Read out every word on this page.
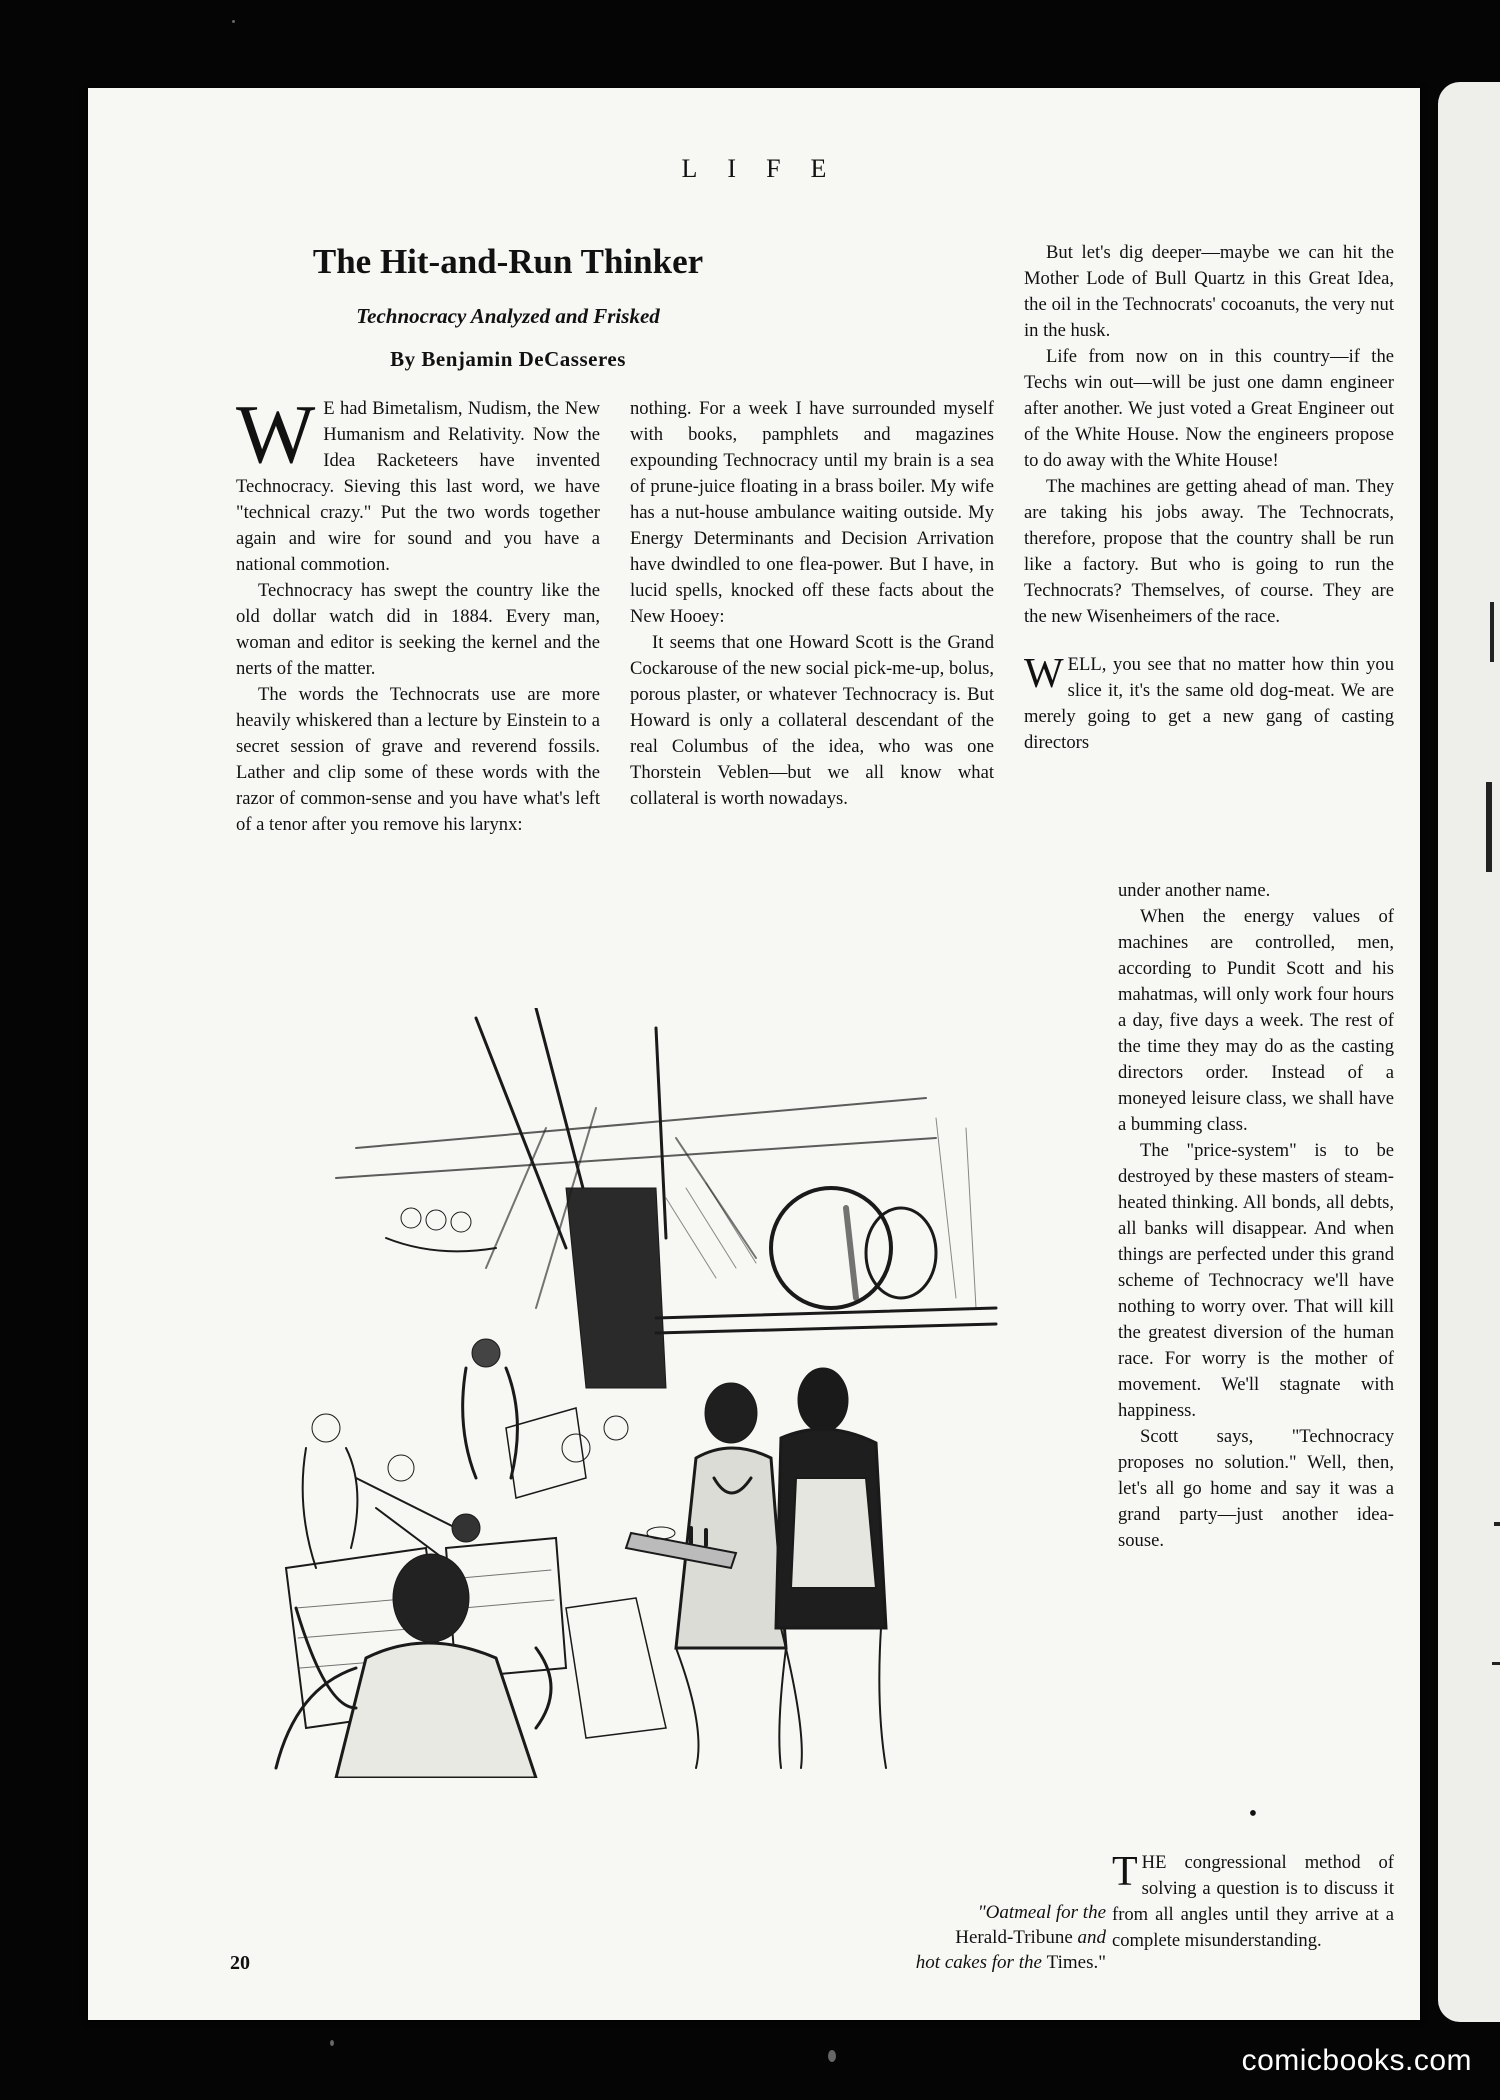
LIFE
The Hit-and-Run Thinker
Technocracy Analyzed and Frisked
By Benjamin DeCasseres

W E had Bimetalism, Nudism, the New Humanism and Relativity. Now the Idea Racketeers have invented Technocracy. Sieving this last word, we have "technical crazy." Put the two words together again and wire for sound and you have a national commotion.

Technocracy has swept the country like the old dollar watch did in 1884. Every man, woman and editor is seeking the kernel and the nerts of the matter.

The words the Technocrats use are more heavily whiskered than a lecture by Einstein to a secret session of grave and reverend fossils. Lather and clip some of these words with the razor of common-sense and you have what's left of a tenor after you remove his larynx:

nothing. For a week I have surrounded myself with books, pamphlets and magazines expounding Technocracy until my brain is a sea of prune-juice floating in a brass boiler. My wife has a nut-house ambulance waiting outside. My Energy Determinants and Decision Arrivation have dwindled to one flea-power. But I have, in lucid spells, knocked off these facts about the New Hooey:

It seems that one Howard Scott is the Grand Cockarouse of the new social pick-me-up, bolus, porous plaster, or whatever Technocracy is. But Howard is only a collateral descendant of the real Columbus of the idea, who was one Thorstein Veblen—but we all know what collateral is worth nowadays.

But let's dig deeper—maybe we can hit the Mother Lode of Bull Quartz in this Great Idea, the oil in the Technocrats' cocoanuts, the very nut in the husk.

Life from now on in this country—if the Techs win out—will be just one damn engineer after another. We just voted a Great Engineer out of the White House. Now the engineers propose to do away with the White House!

The machines are getting ahead of man. They are taking his jobs away. The Technocrats, therefore, propose that the country shall be run like a factory. But who is going to run the Technocrats? Themselves, of course. They are the new Wisenheimers of the race.

WELL, you see that no matter how thin you slice it, it's the same old dog-meat. We are merely going to get a new gang of casting directors

under another name.

When the energy values of machines are controlled, men, according to Pundit Scott and his mahatmas, will only work four hours a day, five days a week. The rest of the time they may do as the casting directors order. Instead of a moneyed leisure class, we shall have a bumming class.

The "price-system" is to be destroyed by these masters of steam-heated thinking. All bonds, all debts, all banks will disappear. And when things are perfected under this grand scheme of Technocracy we'll have nothing to worry over. That will kill the greatest diversion of the human race. For worry is the mother of movement. We'll stagnate with happiness.

Scott says, "Technocracy proposes no solution." Well, then, let's all go home and say it was a grand party—just another idea-souse.

•

THE congressional method of solving a question is to discuss it from all angles until they arrive at a complete misunderstanding.

"Oatmeal for the
Herald-Tribune and
hot cakes for the Times."
20
comicbooks.com
